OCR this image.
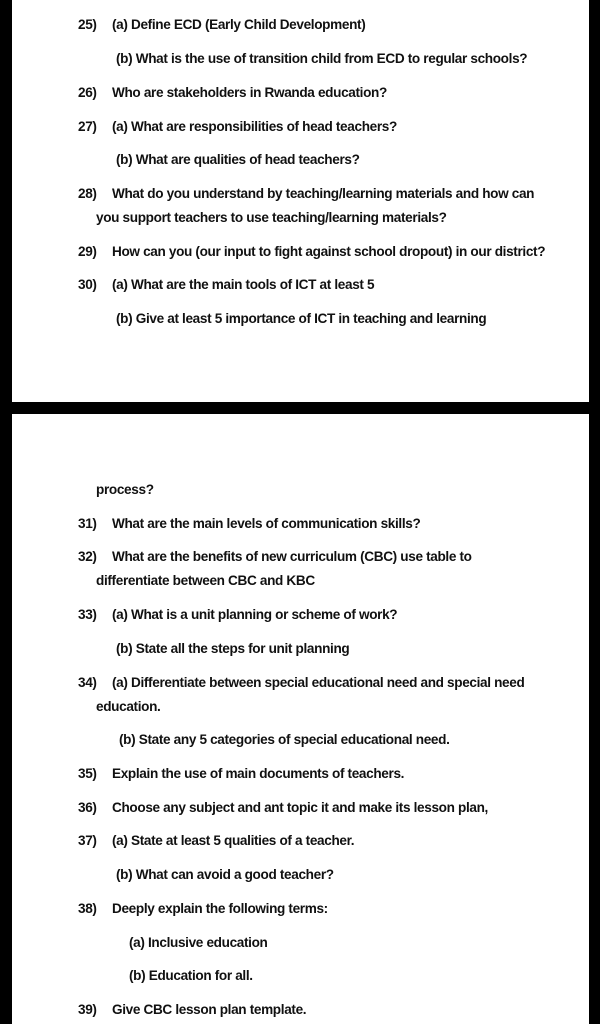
25) (a) Define ECD (Early Child Development)
(b) What is the use of transition child from ECD to regular schools?
26) Who are stakeholders in Rwanda education?
27) (a) What are responsibilities of head teachers?
(b) What are qualities of head teachers?
28) What do you understand by teaching/learning materials and how can
you support teachers to use teaching/learning materials?
29) How can you (our input to fight against school dropout) in our district?
30) (a) What are the main tools of ICT at least 5
(b) Give at least 5 importance of ICT in teaching and learning
process?
31) What are the main levels of communication skills?
32) What are the benefits of new curriculum (CBC) use table to
differentiate between CBC and KBC
33) (a) What is a unit planning or scheme of work?
(b) State all the steps for unit planning
34) (a) Differentiate between special educational need and special need
education.
(b) State any 5 categories of special educational need.
35) Explain the use of main documents of teachers.
36) Choose any subject and ant topic it and make its lesson plan,
37) (a) State at least 5 qualities of a teacher.
(b) What can avoid a good teacher?
38) Deeply explain the following terms:
(a) Inclusive education
(b) Education for all.
39) Give CBC lesson plan template.
